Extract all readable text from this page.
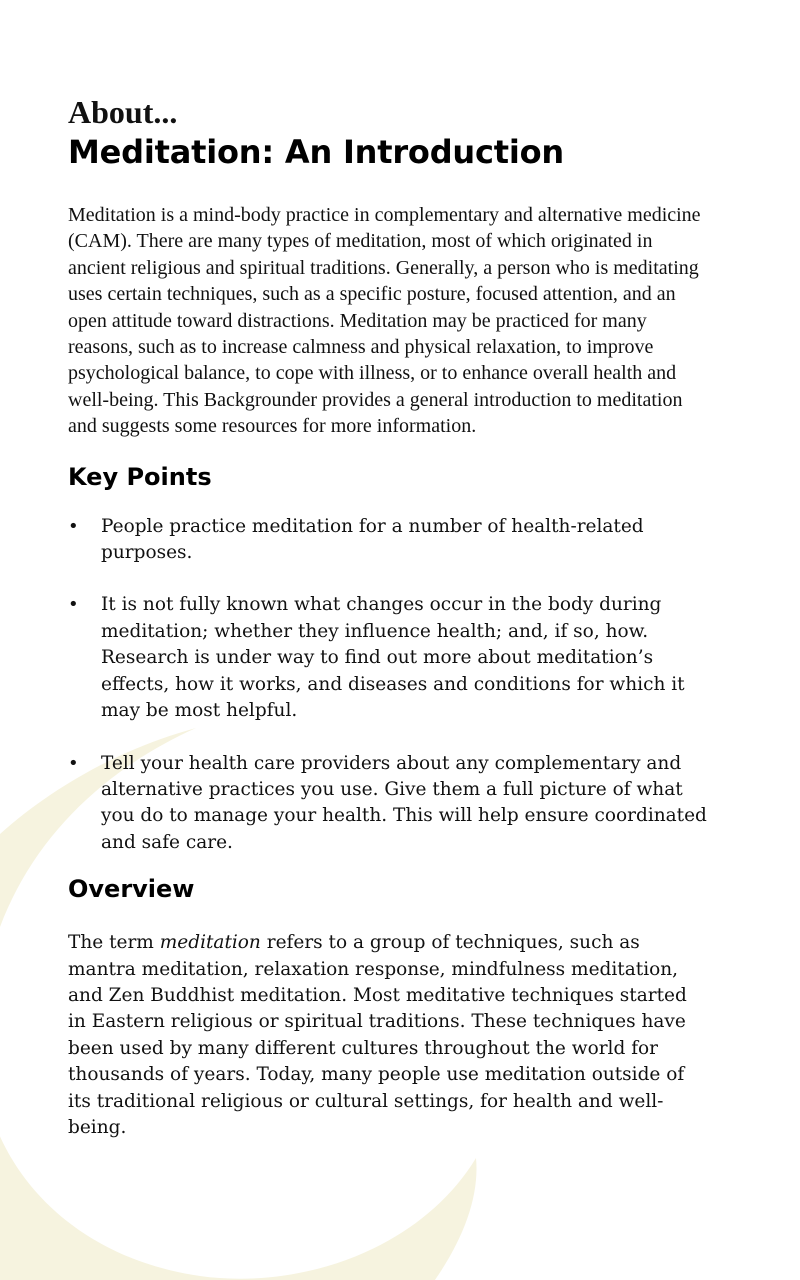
About...
Meditation: An Introduction

Meditation is a mind-body practice in complementary and alternative medicine (CAM). There are many types of meditation, most of which originated in ancient religious and spiritual traditions. Generally, a person who is meditating uses certain techniques, such as a specific posture, focused attention, and an open attitude toward distractions. Meditation may be practiced for many reasons, such as to increase calmness and physical relaxation, to improve psychological balance, to cope with illness, or to enhance overall health and well-being. This Backgrounder provides a general introduction to meditation and suggests some resources for more information.

Key Points
• People practice meditation for a number of health-related purposes.
• It is not fully known what changes occur in the body during meditation; whether they influence health; and, if so, how. Research is under way to find out more about meditation’s effects, how it works, and diseases and conditions for which it may be most helpful.
• Tell your health care providers about any complementary and alternative practices you use. Give them a full picture of what you do to manage your health. This will help ensure coordinated and safe care.
Overview

The term meditation refers to a group of techniques, such as mantra meditation, relaxation response, mindfulness meditation, and Zen Buddhist meditation. Most meditative techniques started in Eastern religious or spiritual traditions. These techniques have been used by many different cultures throughout the world for thousands of years. Today, many people use meditation outside of its traditional religious or cultural settings, for health and well-being.
